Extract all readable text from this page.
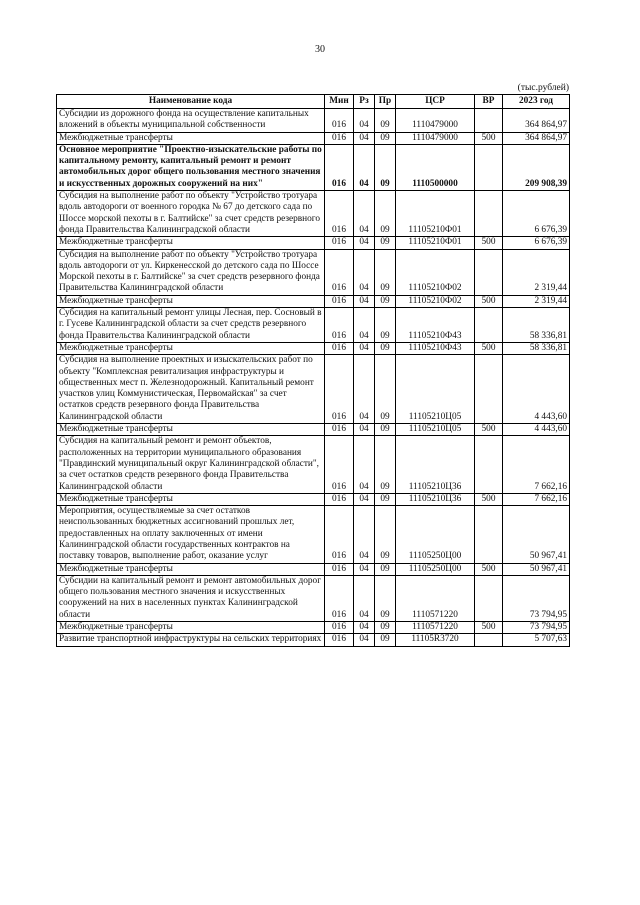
30
(тыс.рублей)
Наименование кода	Мин	Рз	Пр	ЦСР	ВР	2023 год
Субсидии из дорожного фонда на осуществление капитальных вложений в объекты муниципальной собственности	016	04	09	1110479000		364 864,97
Межбюджетные трансферты	016	04	09	1110479000	500	364 864,97
Основное мероприятие "Проектно-изыскательские работы по капитальному ремонту, капитальный ремонт и ремонт автомобильных дорог общего пользования местного значения и искусственных дорожных сооружений на них"	016	04	09	1110500000		209 908,39
Субсидия на выполнение работ по объекту "Устройство тротуара вдоль автодороги от военного городка № 67 до детского сада по Шоссе морской пехоты в г. Балтийске" за счет средств резервного фонда Правительства Калининградской области	016	04	09	11105210Ф01		6 676,39
Межбюджетные трансферты	016	04	09	11105210Ф01	500	6 676,39
Субсидия на выполнение работ по объекту "Устройство тротуара вдоль автодороги от ул. Киркенесской до детского сада по Шоссе Морской пехоты в г. Балтийске" за счет средств резервного фонда Правительства Калининградской области	016	04	09	11105210Ф02		2 319,44
Межбюджетные трансферты	016	04	09	11105210Ф02	500	2 319,44
Субсидия на капитальный ремонт улицы Лесная, пер. Сосновый в г. Гусеве Калининградской области за счет средств резервного фонда Правительства Калининградской области	016	04	09	11105210Ф43		58 336,81
Межбюджетные трансферты	016	04	09	11105210Ф43	500	58 336,81
Субсидия на выполнение проектных и изыскательских работ по объекту "Комплексная ревитализация инфраструктуры и общественных мест п. Железнодорожный. Капитальный ремонт участков улиц Коммунистическая, Первомайская" за счет остатков средств резервного фонда Правительства Калининградской области	016	04	09	11105210Ц05		4 443,60
Межбюджетные трансферты	016	04	09	11105210Ц05	500	4 443,60
Субсидия на капитальный ремонт и ремонт объектов, расположенных на территории муниципального образования "Правдинский муниципальный округ Калининградской области", за счет остатков средств резервного фонда Правительства Калининградской области	016	04	09	11105210Ц36		7 662,16
Межбюджетные трансферты	016	04	09	11105210Ц36	500	7 662,16
Мероприятия, осуществляемые за счет остатков неиспользованных бюджетных ассигнований прошлых лет, предоставленных на оплату заключенных от имени Калининградской области государственных контрактов на поставку товаров, выполнение работ, оказание услуг	016	04	09	11105250Ц00		50 967,41
Межбюджетные трансферты	016	04	09	11105250Ц00	500	50 967,41
Субсидии на капитальный ремонт и ремонт автомобильных дорог общего пользования местного значения и искусственных сооружений на них в населенных пунктах Калининградской области	016	04	09	1110571220		73 794,95
Межбюджетные трансферты	016	04	09	1110571220	500	73 794,95
Развитие транспортной инфраструктуры на сельских территориях	016	04	09	11105R3720		5 707,63
